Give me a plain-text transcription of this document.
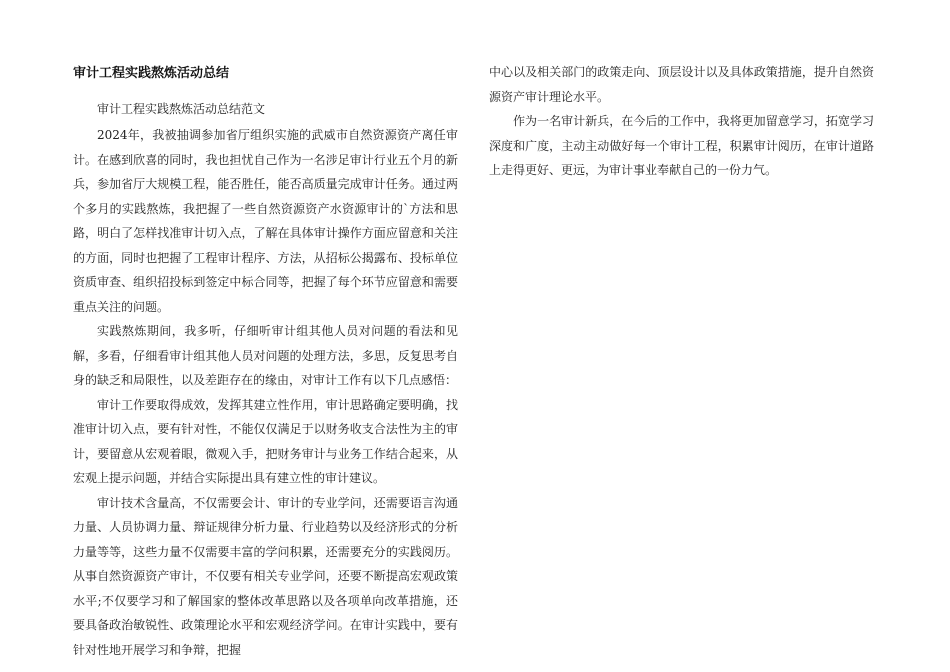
审计工程实践熬炼活动总结

审计工程实践熬炼活动总结范文

2024年，我被抽调参加省厅组织实施的武威市自然资源资产离任审计。在感到欣喜的同时，我也担忧自己作为一名涉足审计行业五个月的新兵，参加省厅大规模工程，能否胜任，能否高质量完成审计任务。通过两个多月的实践熬炼，我把握了一些自然资源资产水资源审计的`方法和思路，明白了怎样找准审计切入点，了解在具体审计操作方面应留意和关注的方面，同时也把握了工程审计程序、方法，从招标公揭露布、投标单位资质审查、组织招投标到签定中标合同等，把握了每个环节应留意和需要重点关注的问题。

实践熬炼期间，我多听，仔细听审计组其他人员对问题的看法和见解，多看，仔细看审计组其他人员对问题的处理方法，多思，反复思考自身的缺乏和局限性，以及差距存在的缘由，对审计工作有以下几点感悟：

审计工作要取得成效，发挥其建立性作用，审计思路确定要明确，找准审计切入点，要有针对性，不能仅仅满足于以财务收支合法性为主的审计，要留意从宏观着眼，微观入手，把财务审计与业务工作结合起来，从宏观上提示问题，并结合实际提出具有建立性的审计建议。

审计技术含量高，不仅需要会计、审计的专业学问，还需要语言沟通力量、人员协调力量、辩证规律分析力量、行业趋势以及经济形式的分析力量等等，这些力量不仅需要丰富的学问积累，还需要充分的实践阅历。从事自然资源资产审计，不仅要有相关专业学问，还要不断提高宏观政策水平;不仅要学习和了解国家的整体改革思路以及各项单向改革措施，还要具备政治敏锐性、政策理论水平和宏观经济学问。在审计实践中，要有针对性地开展学习和争辩，把握

中心以及相关部门的政策走向、顶层设计以及具体政策措施，提升自然资源资产审计理论水平。

作为一名审计新兵，在今后的工作中，我将更加留意学习，拓宽学习深度和广度，主动主动做好每一个审计工程，积累审计阅历，在审计道路上走得更好、更远，为审计事业奉献自己的一份力气。
